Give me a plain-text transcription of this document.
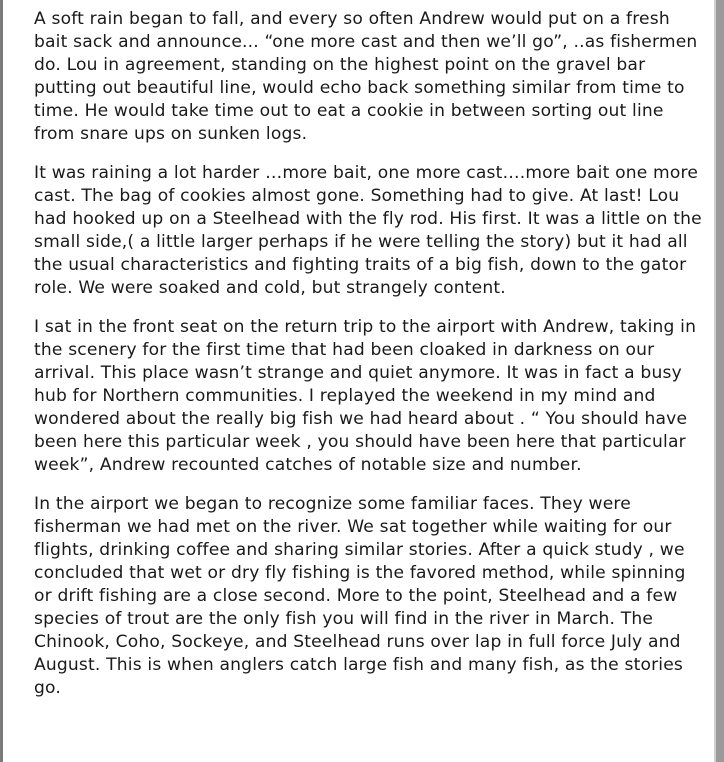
A soft rain began to fall, and every so often Andrew would put on a fresh bait sack and announce... “one more cast and then we’ll go”, ..as fishermen do. Lou in agreement, standing on the highest point on the gravel bar putting out beautiful line, would echo back something similar from time to time. He would take time out to eat a cookie in between sorting out line from snare ups on sunken logs.

It was raining a lot harder …more bait, one more cast….more bait one more cast. The bag of cookies almost gone. Something had to give. At last! Lou had hooked up on a Steelhead with the fly rod. His first. It was a little on the small side,( a little larger perhaps if he were telling the story) but it had all the usual characteristics and fighting traits of a big fish, down to the gator role. We were soaked and cold, but strangely content.

I sat in the front seat on the return trip to the airport with Andrew, taking in the scenery for the first time that had been cloaked in darkness on our arrival. This place wasn’t strange and quiet anymore. It was in fact a busy hub for Northern communities. I replayed the weekend in my mind and wondered about the really big fish we had heard about . “ You should have been here this particular week , you should have been here that particular week”, Andrew recounted catches of notable size and number.

In the airport we began to recognize some familiar faces. They were fisherman we had met on the river. We sat together while waiting for our flights, drinking coffee and sharing similar stories. After a quick study , we concluded that wet or dry fly fishing is the favored method, while spinning or drift fishing are a close second. More to the point, Steelhead and a few species of trout are the only fish you will find in the river in March. The Chinook, Coho, Sockeye, and Steelhead runs over lap in full force July and August. This is when anglers catch large fish and many fish, as the stories go.
